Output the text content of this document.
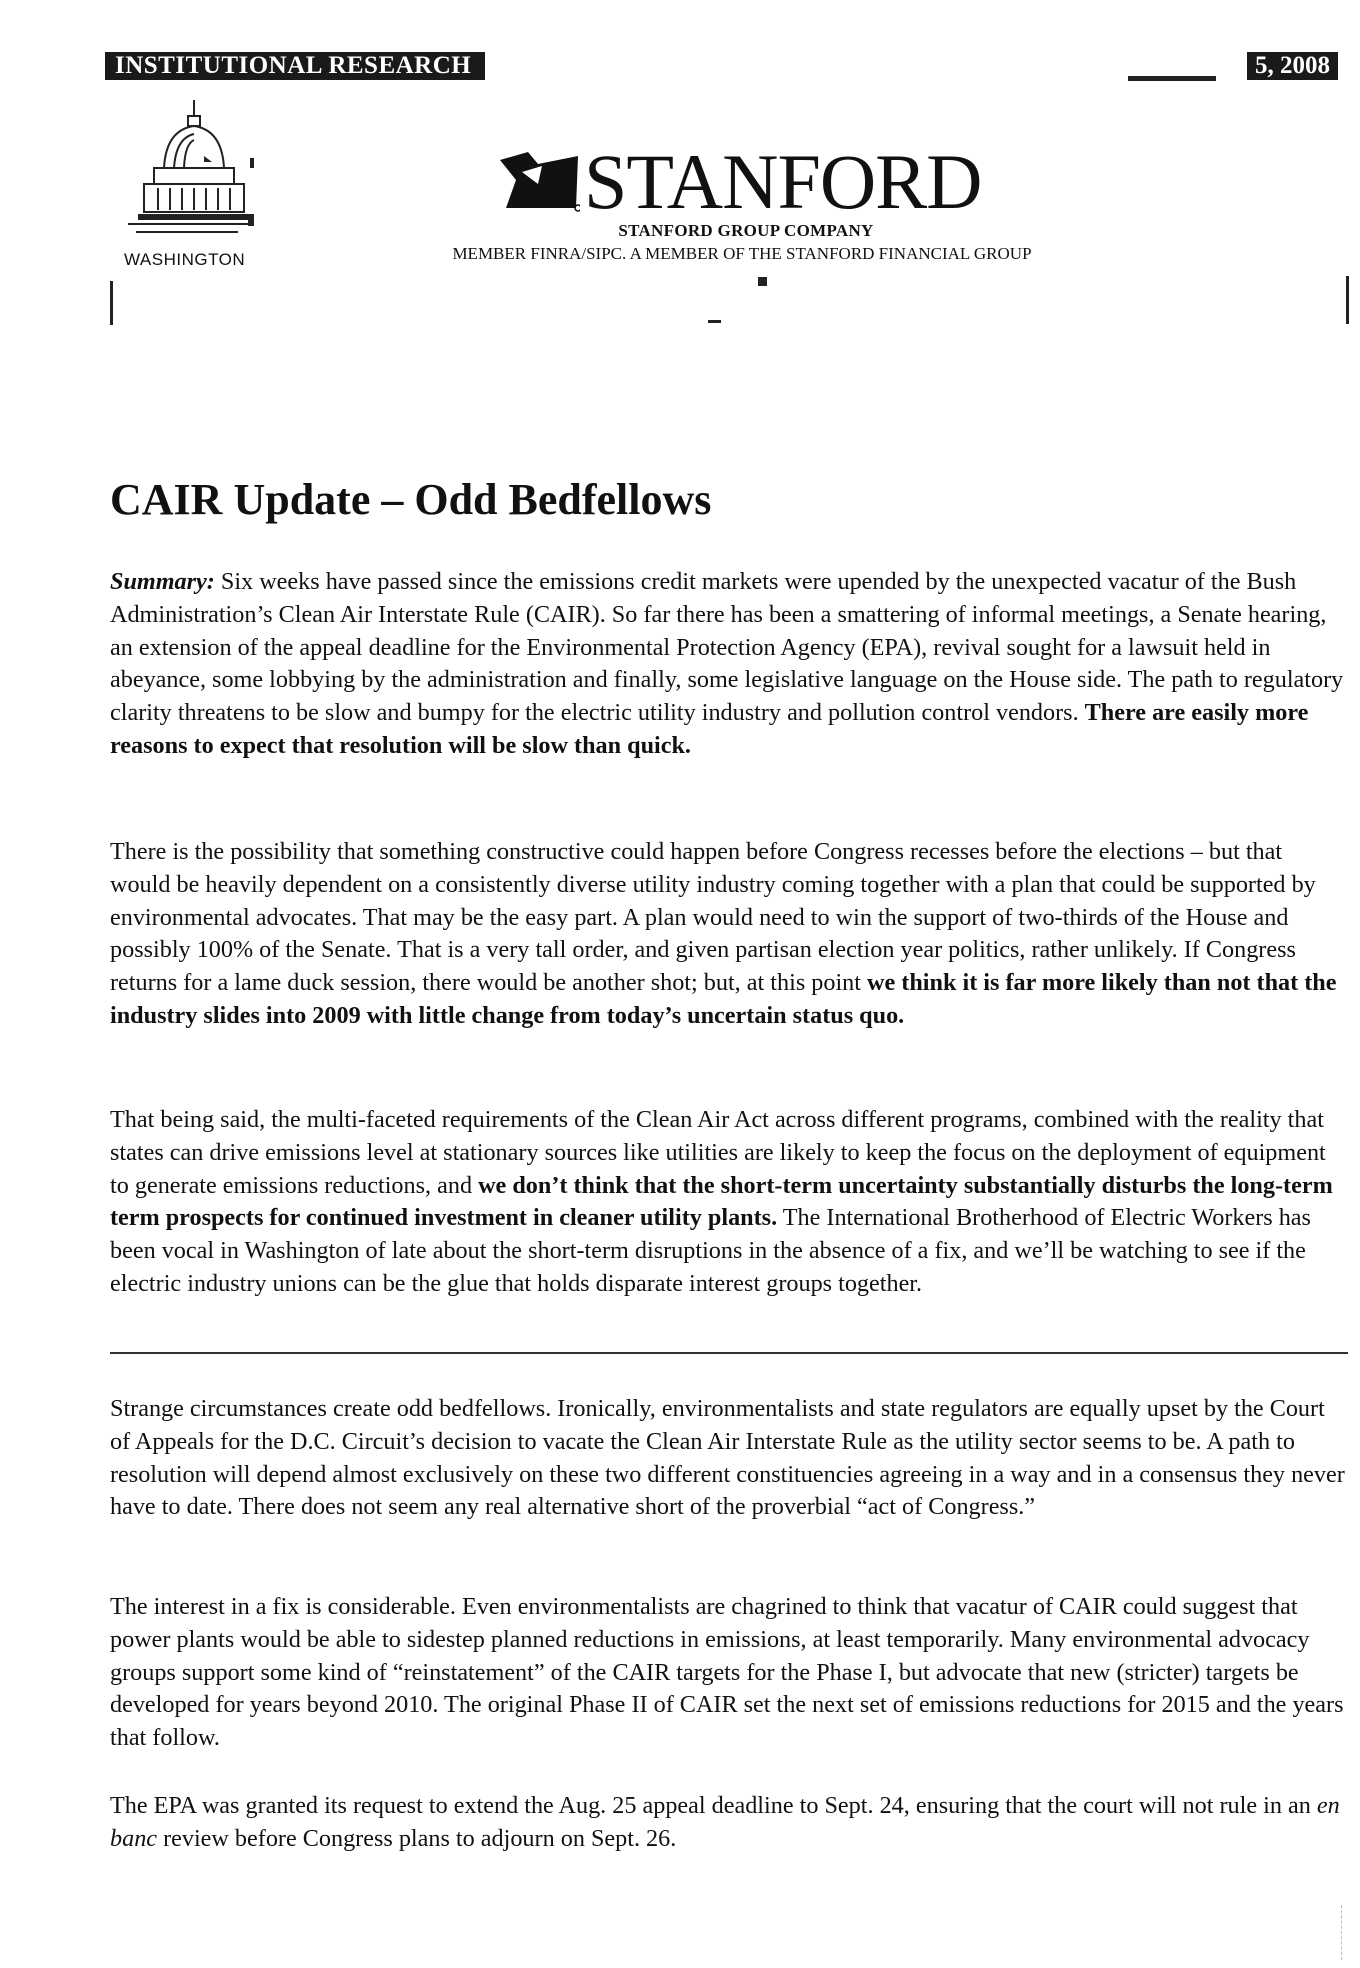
INSTITUTIONAL RESEARCH	5, 2008
WASHINGTON
STANFORD
STANFORD GROUP COMPANY
MEMBER FINRA/SIPC. A MEMBER OF THE STANFORD FINANCIAL GROUP
CAIR Update – Odd Bedfellows

Summary: Six weeks have passed since the emissions credit markets were upended by the unexpected vacatur of the Bush Administration’s Clean Air Interstate Rule (CAIR). So far there has been a smattering of informal meetings, a Senate hearing, an extension of the appeal deadline for the Environmental Protection Agency (EPA), revival sought for a lawsuit held in abeyance, some lobbying by the administration and finally, some legislative language on the House side. The path to regulatory clarity threatens to be slow and bumpy for the electric utility industry and pollution control vendors. There are easily more reasons to expect that resolution will be slow than quick.

There is the possibility that something constructive could happen before Congress recesses before the elections – but that would be heavily dependent on a consistently diverse utility industry coming together with a plan that could be supported by environmental advocates. That may be the easy part. A plan would need to win the support of two-thirds of the House and possibly 100% of the Senate. That is a very tall order, and given partisan election year politics, rather unlikely. If Congress returns for a lame duck session, there would be another shot; but, at this point we think it is far more likely than not that the industry slides into 2009 with little change from today’s uncertain status quo.

That being said, the multi-faceted requirements of the Clean Air Act across different programs, combined with the reality that states can drive emissions level at stationary sources like utilities are likely to keep the focus on the deployment of equipment to generate emissions reductions, and we don’t think that the short-term uncertainty substantially disturbs the long-term term prospects for continued investment in cleaner utility plants. The International Brotherhood of Electric Workers has been vocal in Washington of late about the short-term disruptions in the absence of a fix, and we’ll be watching to see if the electric industry unions can be the glue that holds disparate interest groups together.

Strange circumstances create odd bedfellows. Ironically, environmentalists and state regulators are equally upset by the Court of Appeals for the D.C. Circuit’s decision to vacate the Clean Air Interstate Rule as the utility sector seems to be. A path to resolution will depend almost exclusively on these two different constituencies agreeing in a way and in a consensus they never have to date. There does not seem any real alternative short of the proverbial “act of Congress.”

The interest in a fix is considerable. Even environmentalists are chagrined to think that vacatur of CAIR could suggest that power plants would be able to sidestep planned reductions in emissions, at least temporarily. Many environmental advocacy groups support some kind of “reinstatement” of the CAIR targets for the Phase I, but advocate that new (stricter) targets be developed for years beyond 2010. The original Phase II of CAIR set the next set of emissions reductions for 2015 and the years that follow.

The EPA was granted its request to extend the Aug. 25 appeal deadline to Sept. 24, ensuring that the court will not rule in an en banc review before Congress plans to adjourn on Sept. 26.
